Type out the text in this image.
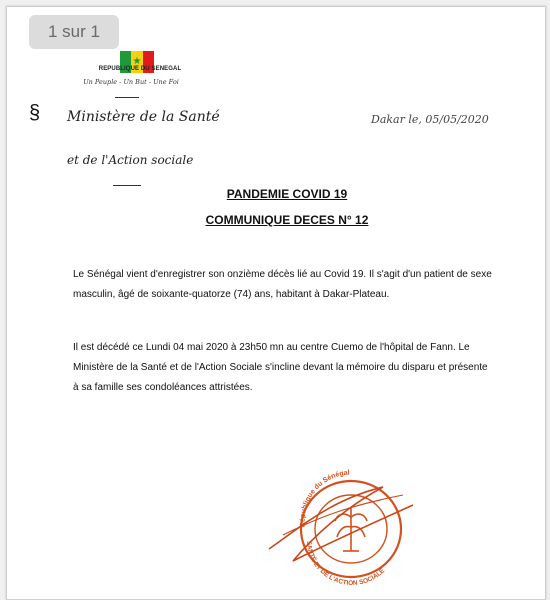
1 sur 1
★
REPUBLIQUE DU SENEGAL
Un Peuple - Un But - Une Foi
§ Ministère de la Santé
et de l'Action sociale
Dakar le, 05/05/2020
PANDEMIE COVID 19
COMMUNIQUE DECES N° 12
Le Sénégal vient d'enregistrer son onzième décès lié au Covid 19. Il s'agit d'un patient de sexe masculin, âgé de soixante-quatorze (74) ans, habitant à Dakar-Plateau.
Il est décédé ce Lundi 04 mai 2020 à 23h50 mn au centre Cuemo de l'hôpital de Fann. Le Ministère de la Santé et de l'Action Sociale s'incline devant la mémoire du disparu et présente à sa famille ses condoléances attristées.
République du Sénégal
SANTÉ ET DE L'ACTION SOCIALE
